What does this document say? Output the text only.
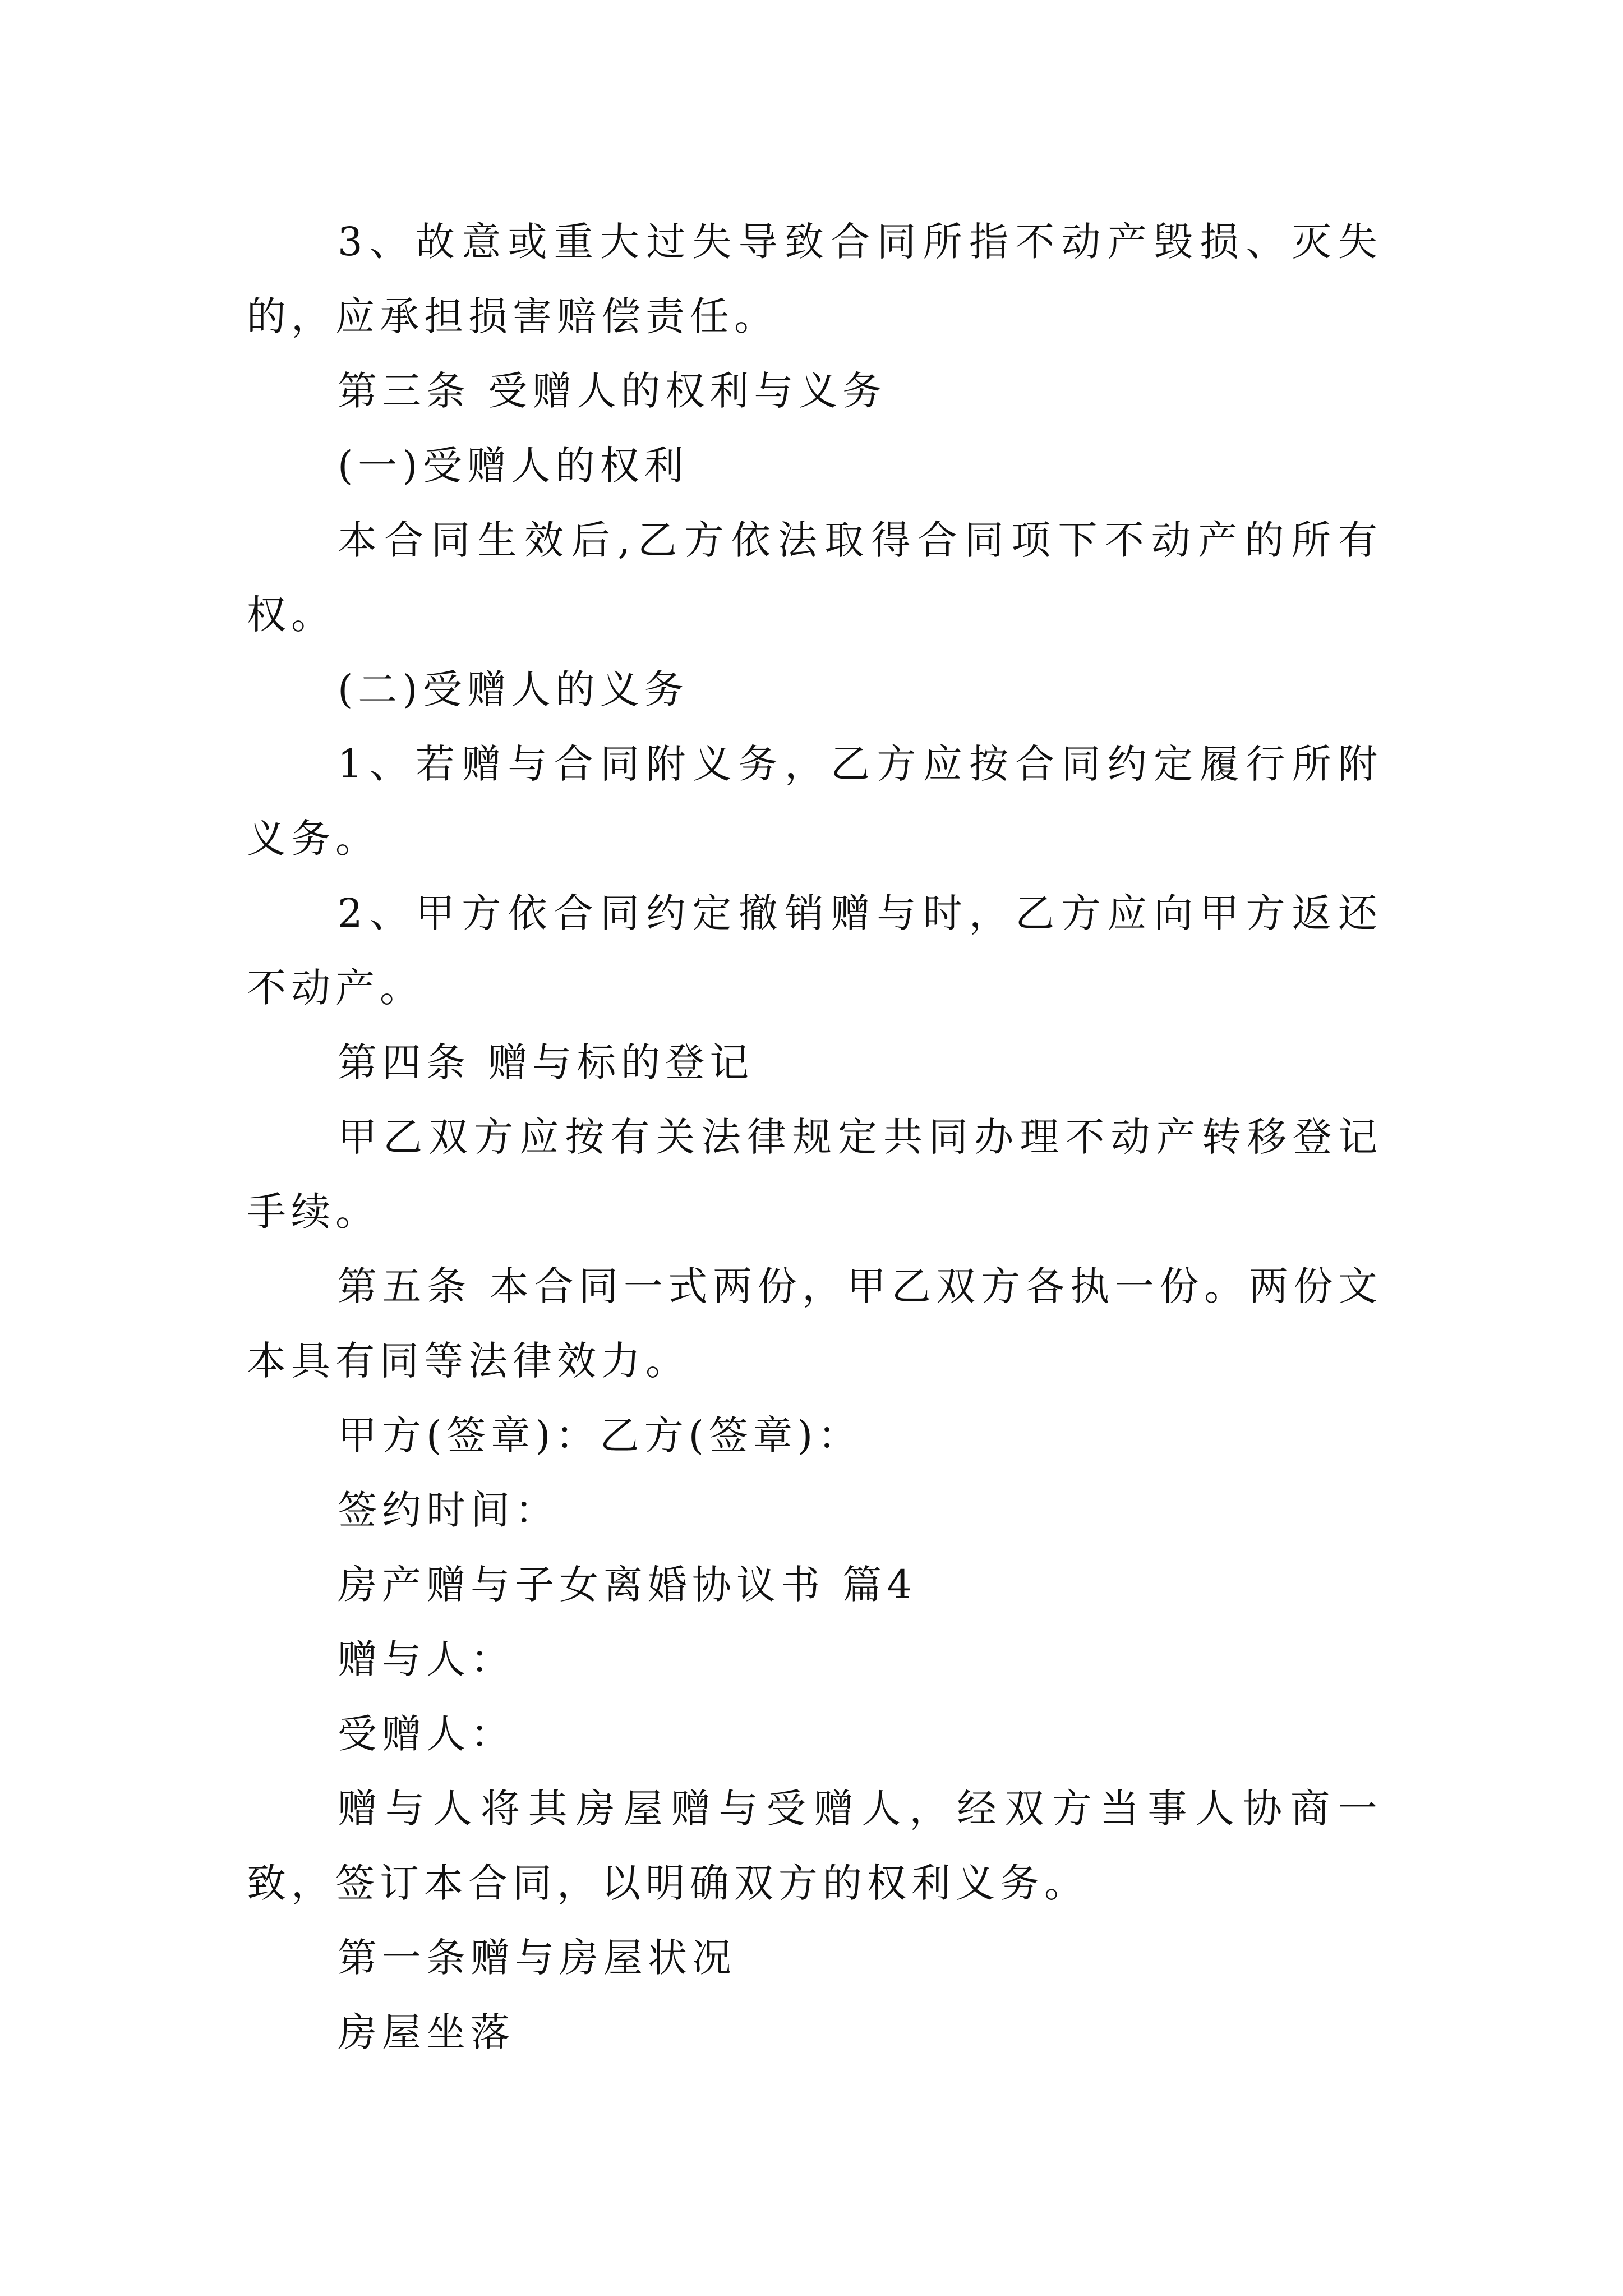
3、故意或重大过失导致合同所指不动产毁损、灭失的，应承担损害赔偿责任。

第三条 受赠人的权利与义务

(一)受赠人的权利

本合同生效后,乙方依法取得合同项下不动产的所有权。

(二)受赠人的义务

1、若赠与合同附义务，乙方应按合同约定履行所附义务。

2、甲方依合同约定撤销赠与时，乙方应向甲方返还不动产。

第四条 赠与标的登记

甲乙双方应按有关法律规定共同办理不动产转移登记手续。

第五条 本合同一式两份，甲乙双方各执一份。两份文本具有同等法律效力。

甲方(签章)：乙方(签章)：

签约时间：

房产赠与子女离婚协议书 篇4

赠与人：

受赠人：

赠与人将其房屋赠与受赠人，经双方当事人协商一致，签订本合同，以明确双方的权利义务。

第一条赠与房屋状况

房屋坐落
